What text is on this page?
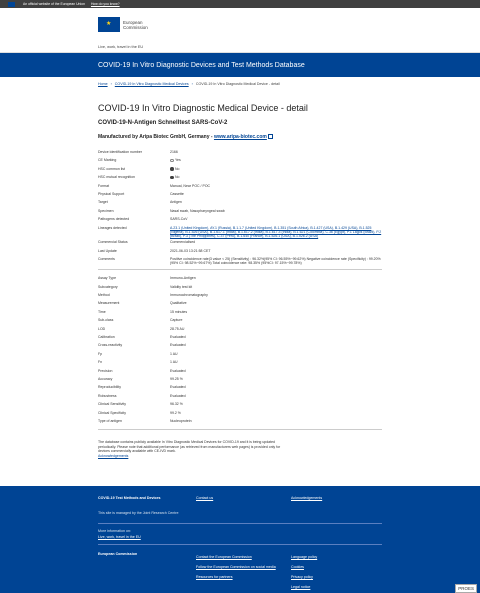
An official website of the European Union How do you know?
★
European
Commission
Live, work, travel in the EU
COVID-19 In Vitro Diagnostic Devices and Test Methods Database
Home › COVID-19 In Vitro Diagnostic Medical Devices › COVID-19 In Vitro Diagnostic Medical Device - detail
COVID-19 In Vitro Diagnostic Medical Device - detail
COVID-19-N-Antigen Schnelltest SARS-CoV-2
Manufactured by Aripa Biotec GmbH, Germany - www.aripa-biotec.com
Device identification number	2166
CE Marking	Yes
HSC common list	No
HSC mutual recognition	No
Format	Manual, Near POC / POC
Physical Support	Cassette
Target	Antigen
Specimen	Nasal swab, Nasopharyngeal swab
Pathogens detected	SARS-CoV
Lineages detected	A.23.1 (United Kingdom), AY.1 (Russia), B.1.1.7 (United Kingdom), B.1.351 (South Africa), B.1.427 (USA), B.1.429 (USA), B.1.525 (Nigeria), B.1.526 (USA), B.1.617.1 (India), B.1.617.2 (India), B.1.617.3 (India), B.1.621 (Colombia), C.36 (Egypt), P.1 Lagos (Brazil), P.2 (Brazil), P.3 (The Philippines), C.37 (Peru), B.1.640 (France), B.1.526.1 (USA), B.1.526.2 (USA)
Commercial Status	Commercialised
Last Update	2021-06-03 13:21:58 CET
Comments	Positive coincidence rate(3 value < 25) (Sensitivity) : 96.32%(95% CI: 96.55%~99.62%) Negative coincidence rate (Specificity) : 99.20%(95% CI: 98.52%~99.67%) Total coincidence rate: 98.35% (95%CI: 97.15%~99.78%)
Assay Type	Immuno-Antigen
Subcategory	Validity test kit
Method	Immunochromatography
Measurement	Qualitative
Time	15 minutes
Sub-class	Capture
LOD	28.75 AU
Calibration	Evaluated
Cross-reactivity	Evaluated
Fp	1 AU
Fn	1 AU
Precision	Evaluated
Accuracy	99.25 %
Reproducibility	Evaluated
Robustness	Evaluated
Clinical Sensitivity	96.32 %
Clinical Specificity	99.2 %
Type of antigen	Nucleoprotein
The database contains publicly available In Vitro Diagnostic Medical Devices for COVID-19 and it is being updated periodically. Please note that additional performance (as retrieved from manufacturers web pages) is provided only for devices commercially available with CE-IVD mark.
Acknowledgements
COVID-19 Test Methods and Devices	Contact us	Acknowledgements
This site is managed by the Joint Research Centre
More information on:
Live, work, travel in the EU
European Commission
Contact the European Commission
Follow the European Commission on social media
Resources for partners
Language policy
Cookies
Privacy policy
Legal notice	PROES
